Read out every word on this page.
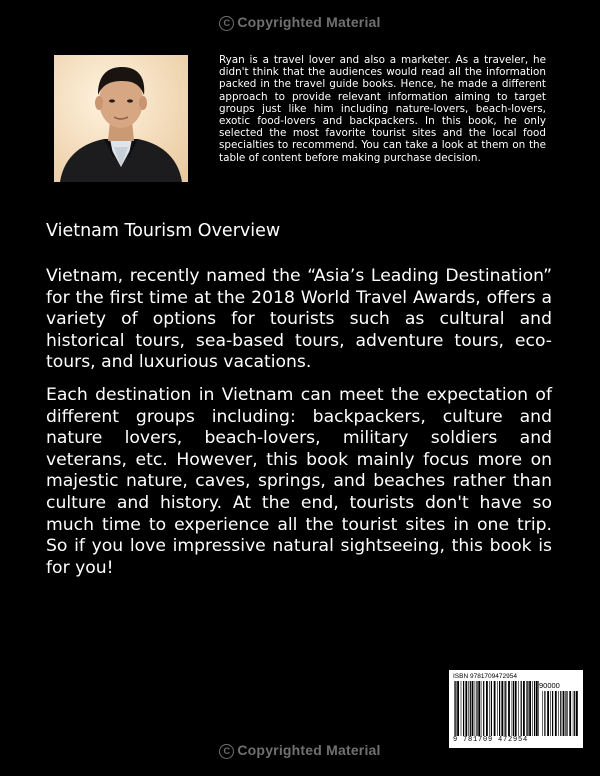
C Copyrighted Material

Ryan is a travel lover and also a marketer. As a traveler, he didn't think that the audiences would read all the information packed in the travel guide books. Hence, he made a different approach to provide relevant information aiming to target groups just like him including nature-lovers, beach-lovers, exotic food-lovers and backpackers. In this book, he only selected the most favorite tourist sites and the local food specialties to recommend. You can take a look at them on the table of content before making purchase decision.

Vietnam Tourism Overview

Vietnam, recently named the “Asia’s Leading Destination” for the first time at the 2018 World Travel Awards, offers a variety of options for tourists such as cultural and historical tours, sea-based tours, adventure tours, eco-tours, and luxurious vacations.

Each destination in Vietnam can meet the expectation of different groups including: backpackers, culture and nature lovers, beach-lovers, military soldiers and veterans, etc. However, this book mainly focus more on majestic nature, caves, springs, and beaches rather than culture and history. At the end, tourists don't have so much time to experience all the tourist sites in one trip. So if you love impressive natural sightseeing, this book is for you!

ISBN 9781709472954
90000
9 781709 472954
C Copyrighted Material
